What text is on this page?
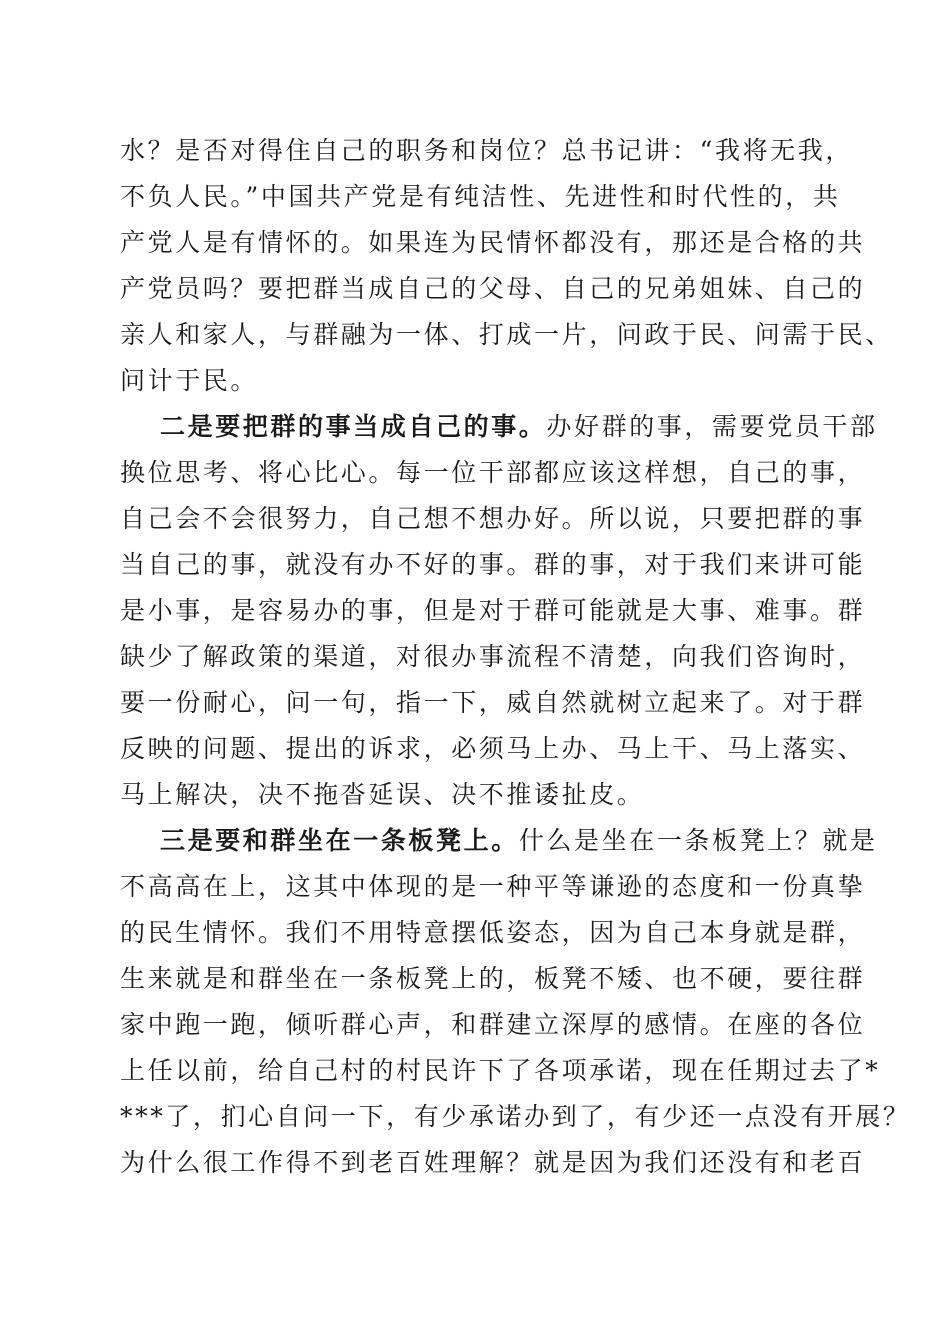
水？是否对得住自己的职务和岗位？总书记讲：“我将无我，
不负人民。”中国共产党是有纯洁性、先进性和时代性的，共
产党人是有情怀的。如果连为民情怀都没有，那还是合格的共
产党员吗？要把群当成自己的父母、自己的兄弟姐妹、自己的
亲人和家人，与群融为一体、打成一片，问政于民、问需于民、
问计于民。
二是要把群的事当成自己的事。办好群的事，需要党员干部
换位思考、将心比心。每一位干部都应该这样想，自己的事，
自己会不会很努力，自己想不想办好。所以说，只要把群的事
当自己的事，就没有办不好的事。群的事，对于我们来讲可能
是小事，是容易办的事，但是对于群可能就是大事、难事。群
缺少了解政策的渠道，对很办事流程不清楚，向我们咨询时，
要一份耐心，问一句，指一下，威自然就树立起来了。对于群
反映的问题、提出的诉求，必须马上办、马上干、马上落实、
马上解决，决不拖沓延误、决不推诿扯皮。
三是要和群坐在一条板凳上。什么是坐在一条板凳上？就是
不高高在上，这其中体现的是一种平等谦逊的态度和一份真挚
的民生情怀。我们不用特意摆低姿态，因为自己本身就是群，
生来就是和群坐在一条板凳上的，板凳不矮、也不硬，要往群
家中跑一跑，倾听群心声，和群建立深厚的感情。在座的各位
上任以前，给自己村的村民许下了各项承诺，现在任期过去了*
***了，扪心自问一下，有少承诺办到了，有少还一点没有开展？
为什么很工作得不到老百姓理解？就是因为我们还没有和老百
